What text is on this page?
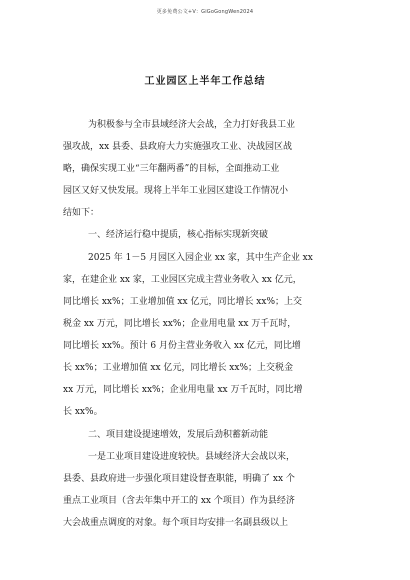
更多免费公文+V：GiGoGongWen2024
工业园区上半年工作总结
为积极参与全市县域经济大会战，全力打好我县工业
强攻战，xx 县委、县政府大力实施强攻工业、决战园区战
略，确保实现工业“三年翻两番”的目标，全面推动工业
园区又好又快发展。现将上半年工业园区建设工作情况小
结如下：
一、经济运行稳中提质，核心指标实现新突破
2025 年 1－5 月园区入园企业 xx 家，其中生产企业 xx
家，在建企业 xx 家，工业园区完成主营业务收入 xx 亿元，
同比增长 xx%；工业增加值 xx 亿元，同比增长 xx%；上交
税金 xx 万元，同比增长 xx%；企业用电量 xx 万千瓦时，
同比增长 xx%。预计 6 月份主营业务收入 xx 亿元，同比增
长 xx%；工业增加值 xx 亿元，同比增长 xx%；上交税金
xx 万元，同比增长 xx%；企业用电量 xx 万千瓦时，同比增
长 xx%。
二、项目建设提速增效，发展后劲积蓄新动能
一是工业项目建设进度较快。县域经济大会战以来，
县委、县政府进一步强化项目建设督查职能，明确了 xx 个
重点工业项目（含去年集中开工的 xx 个项目）作为县经济
大会战重点调度的对象。每个项目均安排一名副县级以上
